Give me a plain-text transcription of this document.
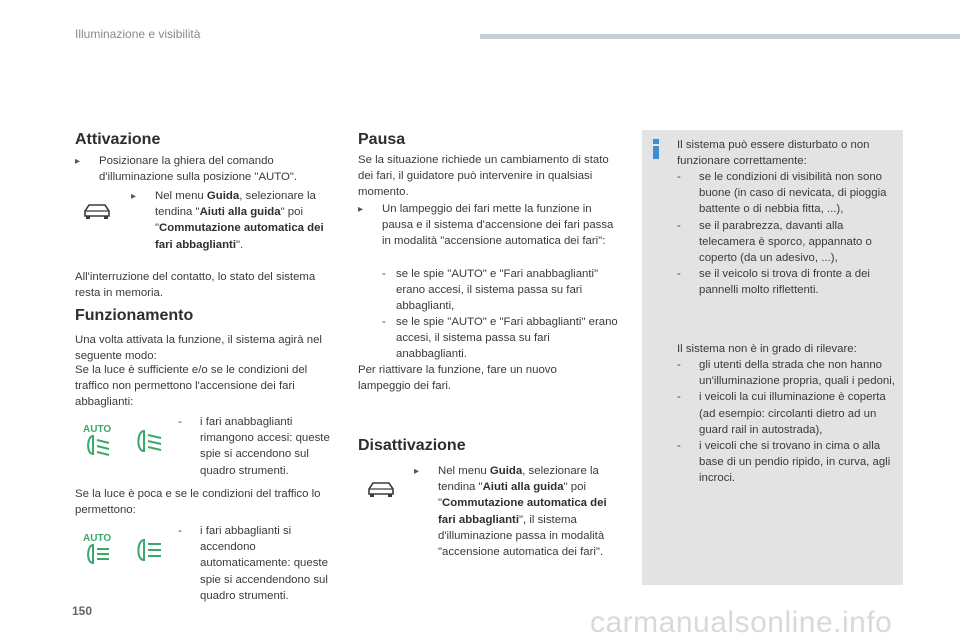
Illuminazione e visibilità
Attivazione
▸	Posizionare la ghiera del comando d'illuminazione sulla posizione "AUTO".
▸	Nel menu Guida, selezionare la tendina "Aiuti alla guida" poi "Commutazione automatica dei fari abbaglianti".
All'interruzione del contatto, lo stato del sistema resta in memoria.
Funzionamento
Una volta attivata la funzione, il sistema agirà nel seguente modo:
Se la luce è sufficiente e/o se le condizioni del traffico non permettono l'accensione dei fari abbaglianti:
AUTO
-	i fari anabbaglianti rimangono accesi: queste spie si accendono sul quadro strumenti.
Se la luce è poca e se le condizioni del traffico lo permettono:
AUTO
-	i fari abbaglianti si accendono automaticamente: queste spie si accendendono sul quadro strumenti.
Pausa
Se la situazione richiede un cambiamento di stato dei fari, il guidatore può intervenire in qualsiasi momento.
▸	Un lampeggio dei fari mette la funzione in pausa e il sistema d'accensione dei fari passa in modalità "accensione automatica dei fari":
- se le spie "AUTO" e "Fari anabbaglianti" erano accesi, il sistema passa su fari abbaglianti,
- se le spie "AUTO" e "Fari abbaglianti" erano accesi, il sistema passa su fari anabbaglianti.
Per riattivare la funzione, fare un nuovo lampeggio dei fari.
Disattivazione
▸	Nel menu Guida, selezionare la tendina "Aiuti alla guida" poi "Commutazione automatica dei fari abbaglianti", il sistema d'illuminazione passa in modalità "accensione automatica dei fari".
Il sistema può essere disturbato o non funzionare correttamente:
-	se le condizioni di visibilità non sono buone (in caso di nevicata, di pioggia battente o di nebbia fitta, ...),
-	se il parabrezza, davanti alla telecamera è sporco, appannato o coperto (da un adesivo, ...),
-	se il veicolo si trova di fronte a dei pannelli molto riflettenti.
Il sistema non è in grado di rilevare:
-	gli utenti della strada che non hanno un'illuminazione propria, quali i pedoni,
-	i veicoli la cui illuminazione è coperta (ad esempio: circolanti dietro ad un guard rail in autostrada),
-	i veicoli che si trovano in cima o alla base di un pendio ripido, in curva, agli incroci.
150	carmanualsonline.info
